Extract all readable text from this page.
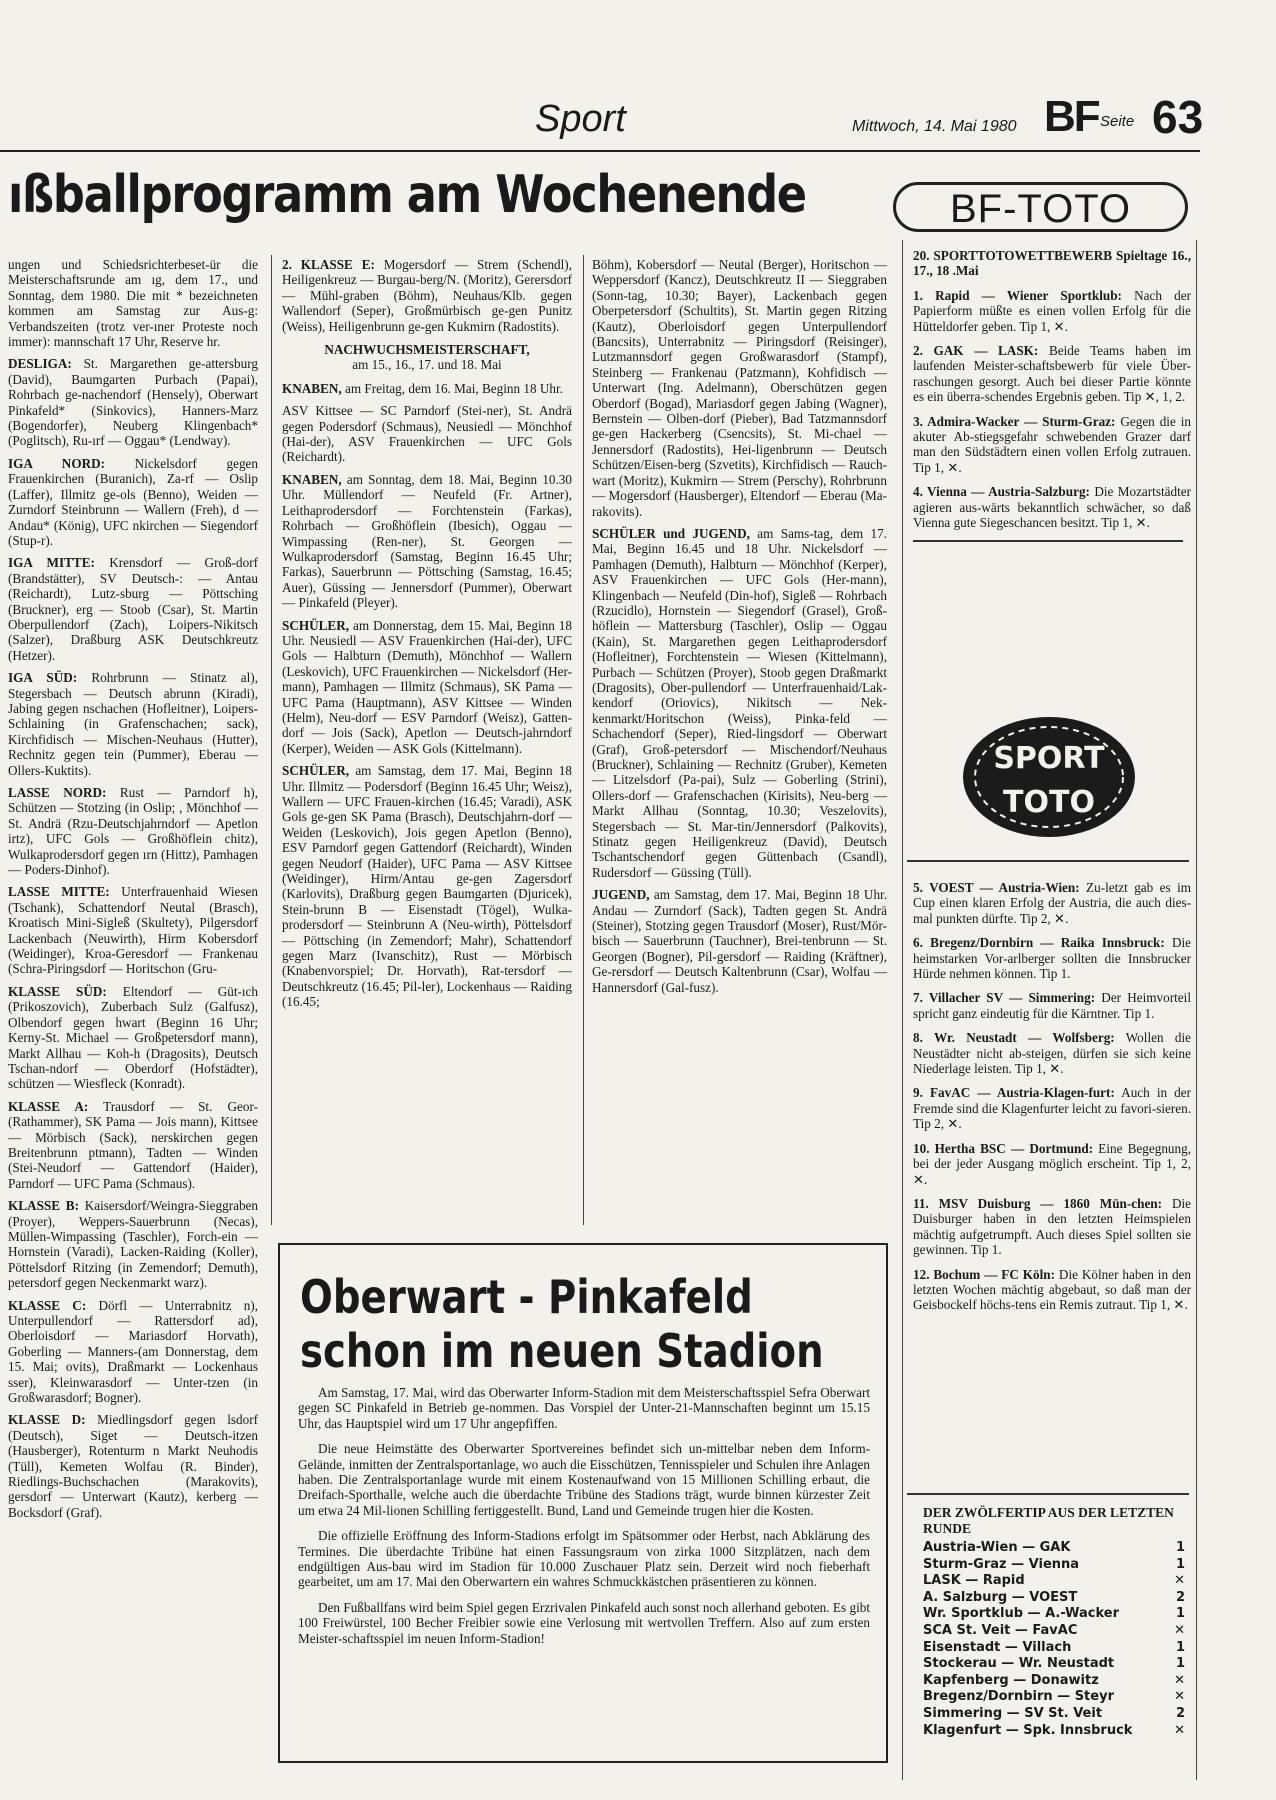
Sport	Mittwoch, 14. Mai 1980 BF Seite 63
ıßballprogramm am Wochenende	BF-TOTO

ungen und Schiedsrichterbeset-ür die Meisterschaftsrunde am ıg, dem 17., und Sonntag, dem 1980. Die mit * bezeichneten kommen am Samstag zur Aus-g: Verbandszeiten (trotz ver-ıner Proteste noch immer): mannschaft 17 Uhr, Reserve hr.

DESLIGA: St. Margarethen ge-attersburg (David), Baumgarten Purbach (Papai), Rohrbach ge-nachendorf (Hensely), Oberwart Pinkafeld* (Sinkovics), Hanners-Marz (Bogendorfer), Neuberg Klingenbach* (Poglitsch), Ru-ırf — Oggau* (Lendway).

IGA NORD: Nickelsdorf gegen Frauenkirchen (Buranich), Za-rf — Oslip (Laffer), Illmitz ge-ols (Benno), Weiden — Zurndorf Steinbrunn — Wallern (Freh), d — Andau* (König), UFC nkirchen — Siegendorf (Stup-r).

IGA MITTE: Krensdorf — Groß-dorf (Brandstätter), SV Deutsch-: — Antau (Reichardt), Lutz-sburg — Pöttsching (Bruckner), erg — Stoob (Csar), St. Martin Oberpullendorf (Zach), Loipers-Nikitsch (Salzer), Draßburg ASK Deutschkreutz (Hetzer).

IGA SÜD: Rohrbrunn — Stinatz al), Stegersbach — Deutsch abrunn (Kiradi), Jabing gegen nschachen (Hofleitner), Loipers-Schlaining (in Grafenschachen; sack), Kirchfidisch — Mischen-Neuhaus (Hutter), Rechnitz gegen tein (Pummer), Eberau — Ollers-Kuktits).

LASSE NORD: Rust — Parndorf h), Schützen — Stotzing (in Oslip; , Mönchhof — St. Andrä (Rzu-Deutschjahrndorf — Apetlon irtz), UFC Gols — Großhöflein chitz), Wulkaprodersdorf gegen ırn (Hittz), Pamhagen — Poders-Dinhof).

LASSE MITTE: Unterfrauenhaid Wiesen (Tschank), Schattendorf Neutal (Brasch), Kroatisch Mini-Sigleß (Skultety), Pilgersdorf Lackenbach (Neuwirth), Hirm Kobersdorf (Weidinger), Kroa-Geresdorf — Frankenau (Schra-Piringsdorf — Horitschon (Gru-

KLASSE SÜD: Eltendorf — Güt-ıch (Prikoszovich), Zuberbach Sulz (Galfusz), Olbendorf gegen hwart (Beginn 16 Uhr; Kerny-St. Michael — Großpetersdorf mann), Markt Allhau — Koh-h (Dragosits), Deutsch Tschan-ndorf — Oberdorf (Hofstädter), schützen — Wiesfleck (Konradt).

KLASSE A: Trausdorf — St. Geor-(Rathammer), SK Pama — Jois mann), Kittsee — Mörbisch (Sack), nerskirchen gegen Breitenbrunn ptmann), Tadten — Winden (Stei-Neudorf — Gattendorf (Haider), Parndorf — UFC Pama (Schmaus).

KLASSE B: Kaisersdorf/Weingra-Sieggraben (Proyer), Weppers-Sauerbrunn (Necas), Müllen-Wimpassing (Taschler), Forch-ein — Hornstein (Varadi), Lacken-Raiding (Koller), Pöttelsdorf Ritzing (in Zemendorf; Demuth), petersdorf gegen Neckenmarkt warz).

KLASSE C: Dörfl — Unterrabnitz n), Unterpullendorf — Rattersdorf ad), Oberloisdorf — Mariasdorf Horvath), Goberling — Manners-(am Donnerstag, dem 15. Mai; ovits), Draßmarkt — Lockenhaus sser), Kleinwarasdorf — Unter-tzen (in Großwarasdorf; Bogner).

KLASSE D: Miedlingsdorf gegen lsdorf (Deutsch), Siget — Deutsch-itzen (Hausberger), Rotenturm n Markt Neuhodis (Tüll), Kemeten Wolfau (R. Binder), Riedlings-Buchschachen (Marakovits), gersdorf — Unterwart (Kautz), kerberg — Bocksdorf (Graf).

2. KLASSE E: Mogersdorf — Strem (Schendl), Heiligenkreuz — Burgau-berg/N. (Moritz), Gerersdorf — Mühl-graben (Böhm), Neuhaus/Klb. gegen Wallendorf (Seper), Großmürbisch ge-gen Punitz (Weiss), Heiligenbrunn ge-gen Kukmirn (Radostits).

NACHWUCHSMEISTERSCHAFT,
am 15., 16., 17. und 18. Mai

KNABEN, am Freitag, dem 16. Mai, Beginn 18 Uhr.

ASV Kittsee — SC Parndorf (Stei-ner), St. Andrä gegen Podersdorf (Schmaus), Neusiedl — Mönchhof (Hai-der), ASV Frauenkirchen — UFC Gols (Reichardt).

KNABEN, am Sonntag, dem 18. Mai, Beginn 10.30 Uhr. Müllendorf — Neufeld (Fr. Artner), Leithaprodersdorf — Forchtenstein (Farkas), Rohrbach — Großhöflein (Ibesich), Oggau — Wimpassing (Ren-ner), St. Georgen — Wulkaprodersdorf (Samstag, Beginn 16.45 Uhr; Farkas), Sauerbrunn — Pöttsching (Samstag, 16.45; Auer), Güssing — Jennersdorf (Pummer), Oberwart — Pinkafeld (Pleyer).

SCHÜLER, am Donnerstag, dem 15. Mai, Beginn 18 Uhr. Neusiedl — ASV Frauenkirchen (Hai-der), UFC Gols — Halbturn (Demuth), Mönchhof — Wallern (Leskovich), UFC Frauenkirchen — Nickelsdorf (Her-mann), Pamhagen — Illmitz (Schmaus), SK Pama — UFC Pama (Hauptmann), ASV Kittsee — Winden (Helm), Neu-dorf — ESV Parndorf (Weisz), Gatten-dorf — Jois (Sack), Apetlon — Deutsch-jahrndorf (Kerper), Weiden — ASK Gols (Kittelmann).

SCHÜLER, am Samstag, dem 17. Mai, Beginn 18 Uhr. Illmitz — Podersdorf (Beginn 16.45 Uhr; Weisz), Wallern — UFC Frauen-kirchen (16.45; Varadi), ASK Gols ge-gen SK Pama (Brasch), Deutschjahrn-dorf — Weiden (Leskovich), Jois gegen Apetlon (Benno), ESV Parndorf gegen Gattendorf (Reichardt), Winden gegen Neudorf (Haider), UFC Pama — ASV Kittsee (Weidinger), Hirm/Antau ge-gen Zagersdorf (Karlovits), Draßburg gegen Baumgarten (Djuricek), Stein-brunn B — Eisenstadt (Tögel), Wulka-prodersdorf — Steinbrunn A (Neu-wirth), Pöttelsdorf — Pöttsching (in Zemendorf; Mahr), Schattendorf gegen Marz (Ivanschitz), Rust — Mörbisch (Knabenvorspiel; Dr. Horvath), Rat-tersdorf — Deutschkreutz (16.45; Pil-ler), Lockenhaus — Raiding (16.45;

Böhm), Kobersdorf — Neutal (Berger), Horitschon — Weppersdorf (Kancz), Deutschkreutz II — Sieggraben (Sonn-tag, 10.30; Bayer), Lackenbach gegen Oberpetersdorf (Schultits), St. Martin gegen Ritzing (Kautz), Oberloisdorf gegen Unterpullendorf (Bancsits), Unterrabnitz — Piringsdorf (Reisinger), Lutzmannsdorf gegen Großwarasdorf (Stampf), Steinberg — Frankenau (Patzmann), Kohfidisch — Unterwart (Ing. Adelmann), Oberschützen gegen Oberdorf (Bogad), Mariasdorf gegen Jabing (Wagner), Bernstein — Olben-dorf (Pieber), Bad Tatzmannsdorf ge-gen Hackerberg (Csencsits), St. Mi-chael — Jennersdorf (Radostits), Hei-ligenbrunn — Deutsch Schützen/Eisen-berg (Szvetits), Kirchfidisch — Rauch-wart (Moritz), Kukmirn — Strem (Perschy), Rohrbrunn — Mogersdorf (Hausberger), Eltendorf — Eberau (Ma-rakovits).

SCHÜLER und JUGEND, am Sams-tag, dem 17. Mai, Beginn 16.45 und 18 Uhr. Nickelsdorf — Pamhagen (Demuth), Halbturn — Mönchhof (Kerper), ASV Frauenkirchen — UFC Gols (Her-mann), Klingenbach — Neufeld (Din-hof), Sigleß — Rohrbach (Rzucidlo), Hornstein — Siegendorf (Grasel), Groß-höflein — Mattersburg (Taschler), Oslip — Oggau (Kain), St. Margarethen gegen Leithaprodersdorf (Hofleitner), Forchtenstein — Wiesen (Kittelmann), Purbach — Schützen (Proyer), Stoob gegen Draßmarkt (Dragosits), Ober-pullendorf — Unterfrauenhaid/Lak-kendorf (Oriovics), Nikitsch — Nek-kenmarkt/Horitschon (Weiss), Pinka-feld — Schachendorf (Seper), Ried-lingsdorf — Oberwart (Graf), Groß-petersdorf — Mischendorf/Neuhaus (Bruckner), Schlaining — Rechnitz (Gruber), Kemeten — Litzelsdorf (Pa-pai), Sulz — Goberling (Strini), Ollers-dorf — Grafenschachen (Kirisits), Neu-berg — Markt Allhau (Sonntag, 10.30; Veszelovits), Stegersbach — St. Mar-tin/Jennersdorf (Palkovits), Stinatz gegen Heiligenkreuz (David), Deutsch Tschantschendorf gegen Güttenbach (Csandl), Rudersdorf — Güssing (Tüll).

JUGEND, am Samstag, dem 17. Mai, Beginn 18 Uhr. Andau — Zurndorf (Sack), Tadten gegen St. Andrä (Steiner), Stotzing gegen Trausdorf (Moser), Rust/Mör-bisch — Sauerbrunn (Tauchner), Brei-tenbrunn — St. Georgen (Bogner), Pil-gersdorf — Raiding (Kräftner), Ge-rersdorf — Deutsch Kaltenbrunn (Csar), Wolfau — Hannersdorf (Gal-fusz).

20. SPORTTOTOWETTBEWERB Spieltage 16., 17., 18 .Mai

1. Rapid — Wiener Sportklub: Nach der Papierform müßte es einen vollen Erfolg für die Hütteldorfer geben. Tip 1, ✕.

2. GAK — LASK: Beide Teams haben im laufenden Meister-schaftsbewerb für viele Über-raschungen gesorgt. Auch bei dieser Partie könnte es ein überra-schendes Ergebnis geben. Tip ✕, 1, 2.

3. Admira-Wacker — Sturm-Graz: Gegen die in akuter Ab-stiegsgefahr schwebenden Grazer darf man den Südstädtern einen vollen Erfolg zutrauen. Tip 1, ✕.

4. Vienna — Austria-Salzburg: Die Mozartstädter agieren aus-wärts bekanntlich schwächer, so daß Vienna gute Siegeschancen besitzt. Tip 1, ✕.

SPORT
TOTO

5. VOEST — Austria-Wien: Zu-letzt gab es im Cup einen klaren Erfolg der Austria, die auch dies-mal punkten dürfte. Tip 2, ✕.

6. Bregenz/Dornbirn — Raika Innsbruck: Die heimstarken Vor-arlberger sollten die Innsbrucker Hürde nehmen können. Tip 1.

7. Villacher SV — Simmering: Der Heimvorteil spricht ganz eindeutig für die Kärntner. Tip 1.

8. Wr. Neustadt — Wolfsberg: Wollen die Neustädter nicht ab-steigen, dürfen sie sich keine Niederlage leisten. Tip 1, ✕.

9. FavAC — Austria-Klagen-furt: Auch in der Fremde sind die Klagenfurter leicht zu favori-sieren. Tip 2, ✕.

10. Hertha BSC — Dortmund: Eine Begegnung, bei der jeder Ausgang möglich erscheint. Tip 1, 2, ✕.

11. MSV Duisburg — 1860 Mün-chen: Die Duisburger haben in den letzten Heimspielen mächtig aufgetrumpft. Auch dieses Spiel sollten sie gewinnen. Tip 1.

12. Bochum — FC Köln: Die Kölner haben in den letzten Wochen mächtig abgebaut, so daß man der Geisbockelf höchs-tens ein Remis zutraut. Tip 1, ✕.

DER ZWÖLFERTIP AUS DER LETZTEN RUNDE
Austria-Wien — GAK	1
Sturm-Graz — Vienna	1
LASK — Rapid	✕
A. Salzburg — VOEST	2
Wr. Sportklub — A.-Wacker	1
SCA St. Veit — FavAC	✕
Eisenstadt — Villach	1
Stockerau — Wr. Neustadt	1
Kapfenberg — Donawitz	✕
Bregenz/Dornbirn — Steyr	✕
Simmering — SV St. Veit	2
Klagenfurt — Spk. Innsbruck	✕
Oberwart - Pinkafeld
schon im neuen Stadion

Am Samstag, 17. Mai, wird das Oberwarter Inform-Stadion mit dem Meisterschaftsspiel Sefra Oberwart gegen SC Pinkafeld in Betrieb ge-nommen. Das Vorspiel der Unter-21-Mannschaften beginnt um 15.15 Uhr, das Hauptspiel wird um 17 Uhr angepfiffen.

Die neue Heimstätte des Oberwarter Sportvereines befindet sich un-mittelbar neben dem Inform-Gelände, inmitten der Zentralsportanlage, wo auch die Eisschützen, Tennisspieler und Schulen ihre Anlagen haben. Die Zentralsportanlage wurde mit einem Kostenaufwand von 15 Millionen Schilling erbaut, die Dreifach-Sporthalle, welche auch die überdachte Tribüne des Stadions trägt, wurde binnen kürzester Zeit um etwa 24 Mil-lionen Schilling fertiggestellt. Bund, Land und Gemeinde trugen hier die Kosten.

Die offizielle Eröffnung des Inform-Stadions erfolgt im Spätsommer oder Herbst, nach Abklärung des Termines. Die überdachte Tribüne hat einen Fassungsraum von zirka 1000 Sitzplätzen, nach dem endgültigen Aus-bau wird im Stadion für 10.000 Zuschauer Platz sein. Derzeit wird noch fieberhaft gearbeitet, um am 17. Mai den Oberwartern ein wahres Schmuckkästchen präsentieren zu können.

Den Fußballfans wird beim Spiel gegen Erzrivalen Pinkafeld auch sonst noch allerhand geboten. Es gibt 100 Freiwürstel, 100 Becher Freibier sowie eine Verlosung mit wertvollen Treffern. Also auf zum ersten Meister-schaftsspiel im neuen Inform-Stadion!
